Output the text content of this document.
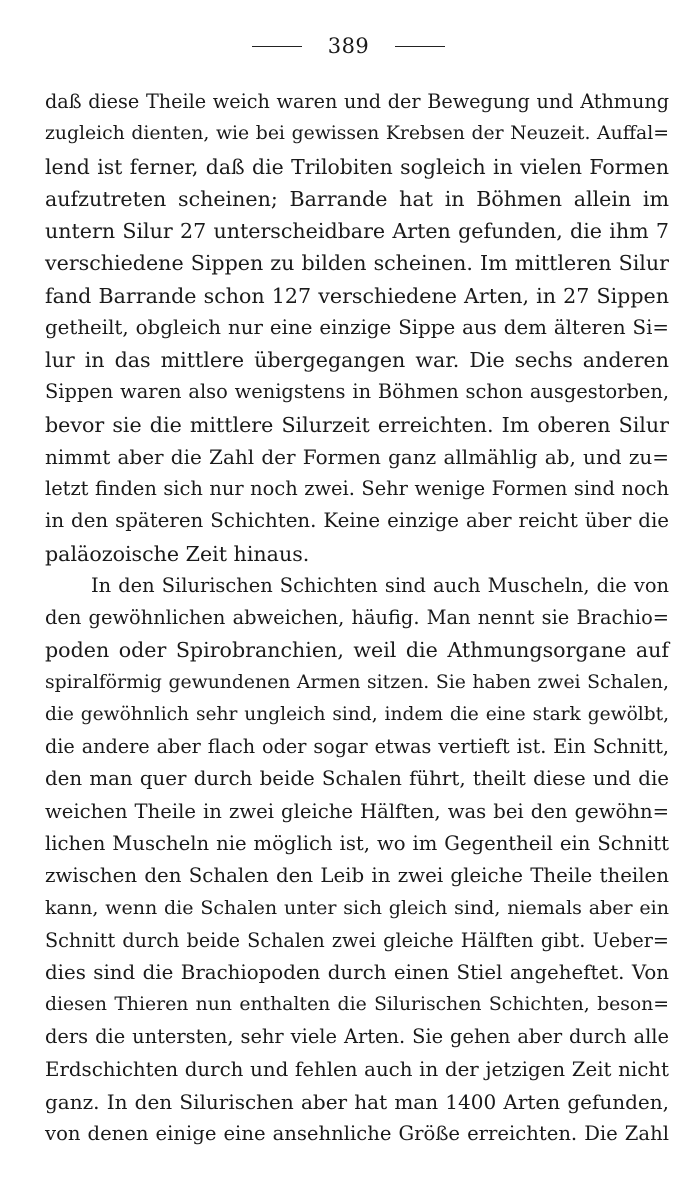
389
daß diese Theile weich waren und der Bewegung und Athmung
zugleich dienten, wie bei gewissen Krebsen der Neuzeit. Auffal=
lend ist ferner, daß die Trilobiten sogleich in vielen Formen
aufzutreten scheinen; Barrande hat in Böhmen allein im
untern Silur 27 unterscheidbare Arten gefunden, die ihm 7
verschiedene Sippen zu bilden scheinen. Im mittleren Silur
fand Barrande schon 127 verschiedene Arten, in 27 Sippen
getheilt, obgleich nur eine einzige Sippe aus dem älteren Si=
lur in das mittlere übergegangen war. Die sechs anderen
Sippen waren also wenigstens in Böhmen schon ausgestorben,
bevor sie die mittlere Silurzeit erreichten. Im oberen Silur
nimmt aber die Zahl der Formen ganz allmählig ab, und zu=
letzt finden sich nur noch zwei. Sehr wenige Formen sind noch
in den späteren Schichten. Keine einzige aber reicht über die
paläozoische Zeit hinaus.
In den Silurischen Schichten sind auch Muscheln, die von
den gewöhnlichen abweichen, häufig. Man nennt sie Brachio=
poden oder Spirobranchien, weil die Athmungsorgane auf
spiralförmig gewundenen Armen sitzen. Sie haben zwei Schalen,
die gewöhnlich sehr ungleich sind, indem die eine stark gewölbt,
die andere aber flach oder sogar etwas vertieft ist. Ein Schnitt,
den man quer durch beide Schalen führt, theilt diese und die
weichen Theile in zwei gleiche Hälften, was bei den gewöhn=
lichen Muscheln nie möglich ist, wo im Gegentheil ein Schnitt
zwischen den Schalen den Leib in zwei gleiche Theile theilen
kann, wenn die Schalen unter sich gleich sind, niemals aber ein
Schnitt durch beide Schalen zwei gleiche Hälften gibt. Ueber=
dies sind die Brachiopoden durch einen Stiel angeheftet. Von
diesen Thieren nun enthalten die Silurischen Schichten, beson=
ders die untersten, sehr viele Arten. Sie gehen aber durch alle
Erdschichten durch und fehlen auch in der jetzigen Zeit nicht
ganz. In den Silurischen aber hat man 1400 Arten gefunden,
von denen einige eine ansehnliche Größe erreichten. Die Zahl
